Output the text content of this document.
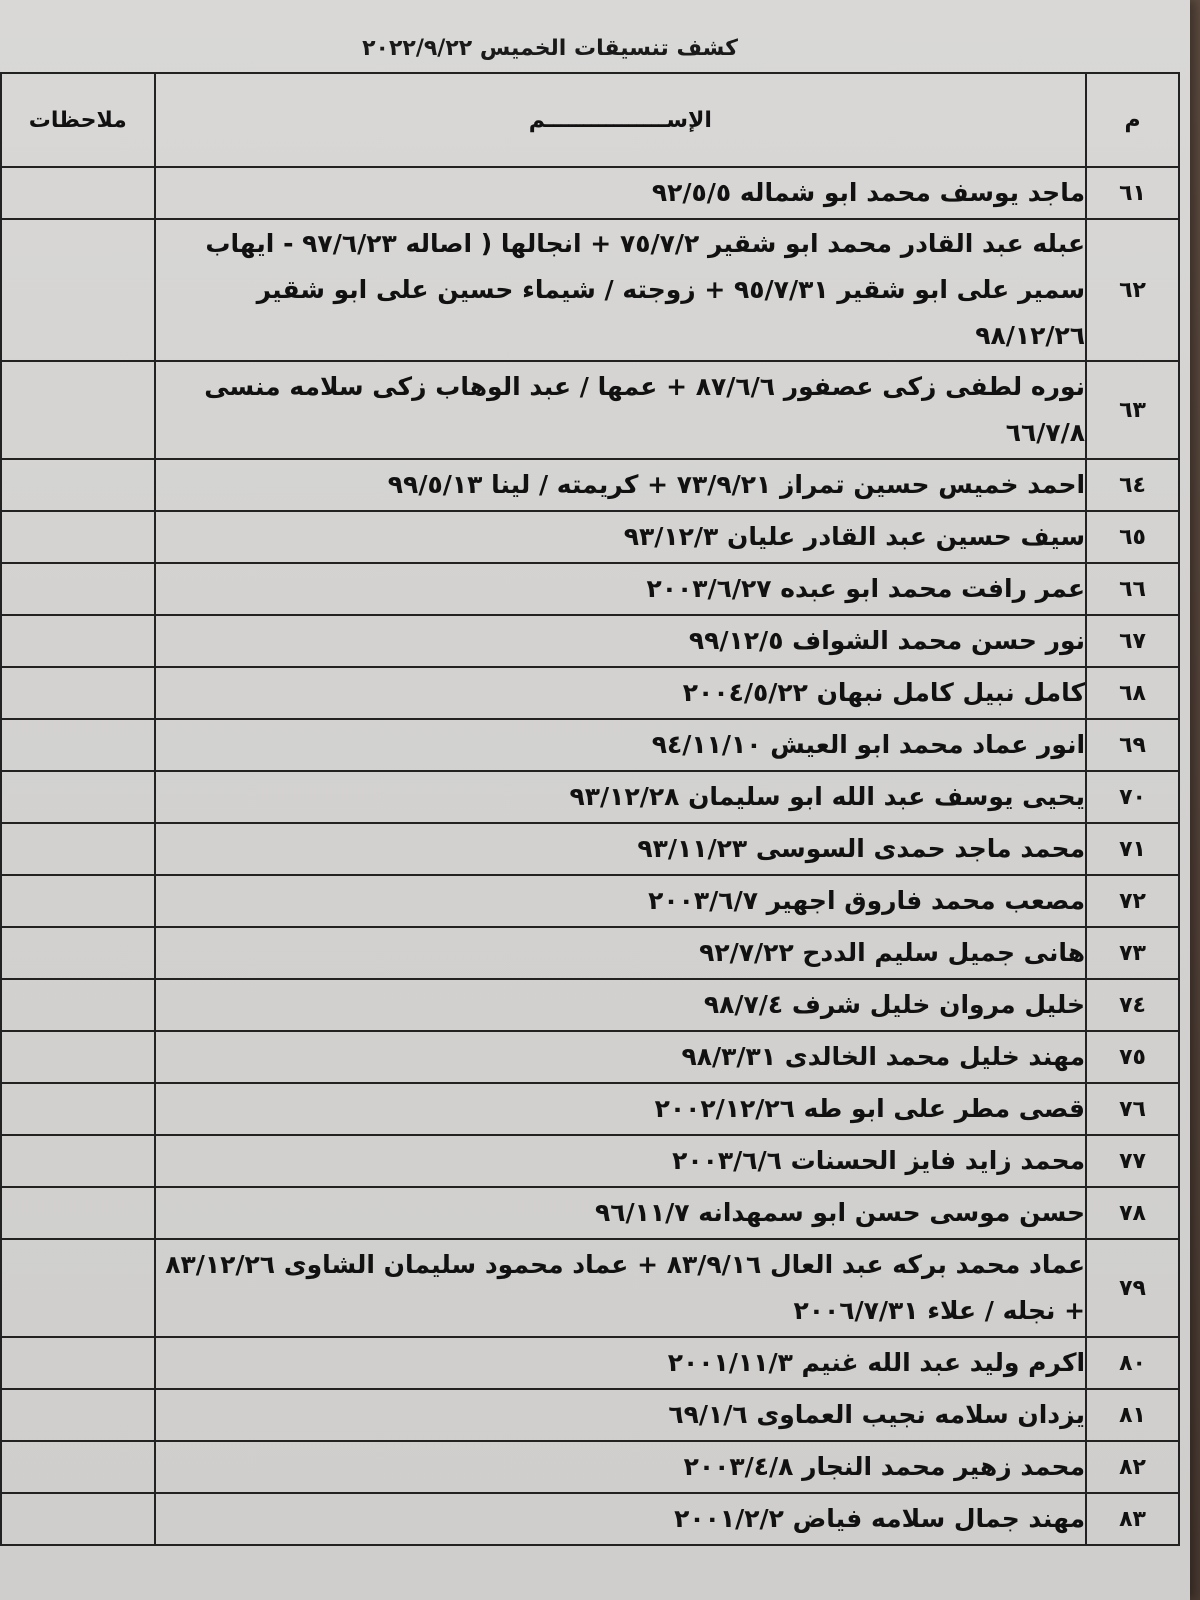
كشف تنسيقات الخميس ٢٠٢٢/٩/٢٢
م	الإســــــــــــــــم	ملاحظات
٦١	ماجد يوسف محمد ابو شماله ٩٢/٥/٥	
٦٢	عبله عبد القادر محمد ابو شقير ٧٥/٧/٢ + انجالها ( اصاله ٩٧/٦/٢٣ - ايهاب سمير على ابو شقير ٩٥/٧/٣١ + زوجته / شيماء حسين على ابو شقير ٩٨/١٢/٢٦	
٦٣	نوره لطفى زكى عصفور ٨٧/٦/٦ + عمها / عبد الوهاب زكى سلامه منسى ٦٦/٧/٨	
٦٤	احمد خميس حسين تمراز ٧٣/٩/٢١ + كريمته / لينا ٩٩/٥/١٣	
٦٥	سيف حسين عبد القادر عليان ٩٣/١٢/٣	
٦٦	عمر رافت محمد ابو عبده ٢٠٠٣/٦/٢٧	
٦٧	نور حسن محمد الشواف ٩٩/١٢/٥	
٦٨	كامل نبيل كامل نبهان ٢٠٠٤/٥/٢٢	
٦٩	انور عماد محمد ابو العيش ٩٤/١١/١٠	
٧٠	يحيى يوسف عبد الله ابو سليمان ٩٣/١٢/٢٨	
٧١	محمد ماجد حمدى السوسى ٩٣/١١/٢٣	
٧٢	مصعب محمد فاروق اجهير ٢٠٠٣/٦/٧	
٧٣	هانى جميل سليم الددح ٩٢/٧/٢٢	
٧٤	خليل مروان خليل شرف ٩٨/٧/٤	
٧٥	مهند خليل محمد الخالدى ٩٨/٣/٣١	
٧٦	قصى مطر على ابو طه ٢٠٠٢/١٢/٢٦	
٧٧	محمد زايد فايز الحسنات ٢٠٠٣/٦/٦	
٧٨	حسن موسى حسن ابو سمهدانه ٩٦/١١/٧	
٧٩	عماد محمد بركه عبد العال ٨٣/٩/١٦ + عماد محمود سليمان الشاوى ٨٣/١٢/٢٦ + نجله / علاء ٢٠٠٦/٧/٣١	
٨٠	اكرم وليد عبد الله غنيم ٢٠٠١/١١/٣	
٨١	يزدان سلامه نجيب العماوى ٦٩/١/٦	
٨٢	محمد زهير محمد النجار ٢٠٠٣/٤/٨	
٨٣	مهند جمال سلامه فياض ٢٠٠١/٢/٢	
